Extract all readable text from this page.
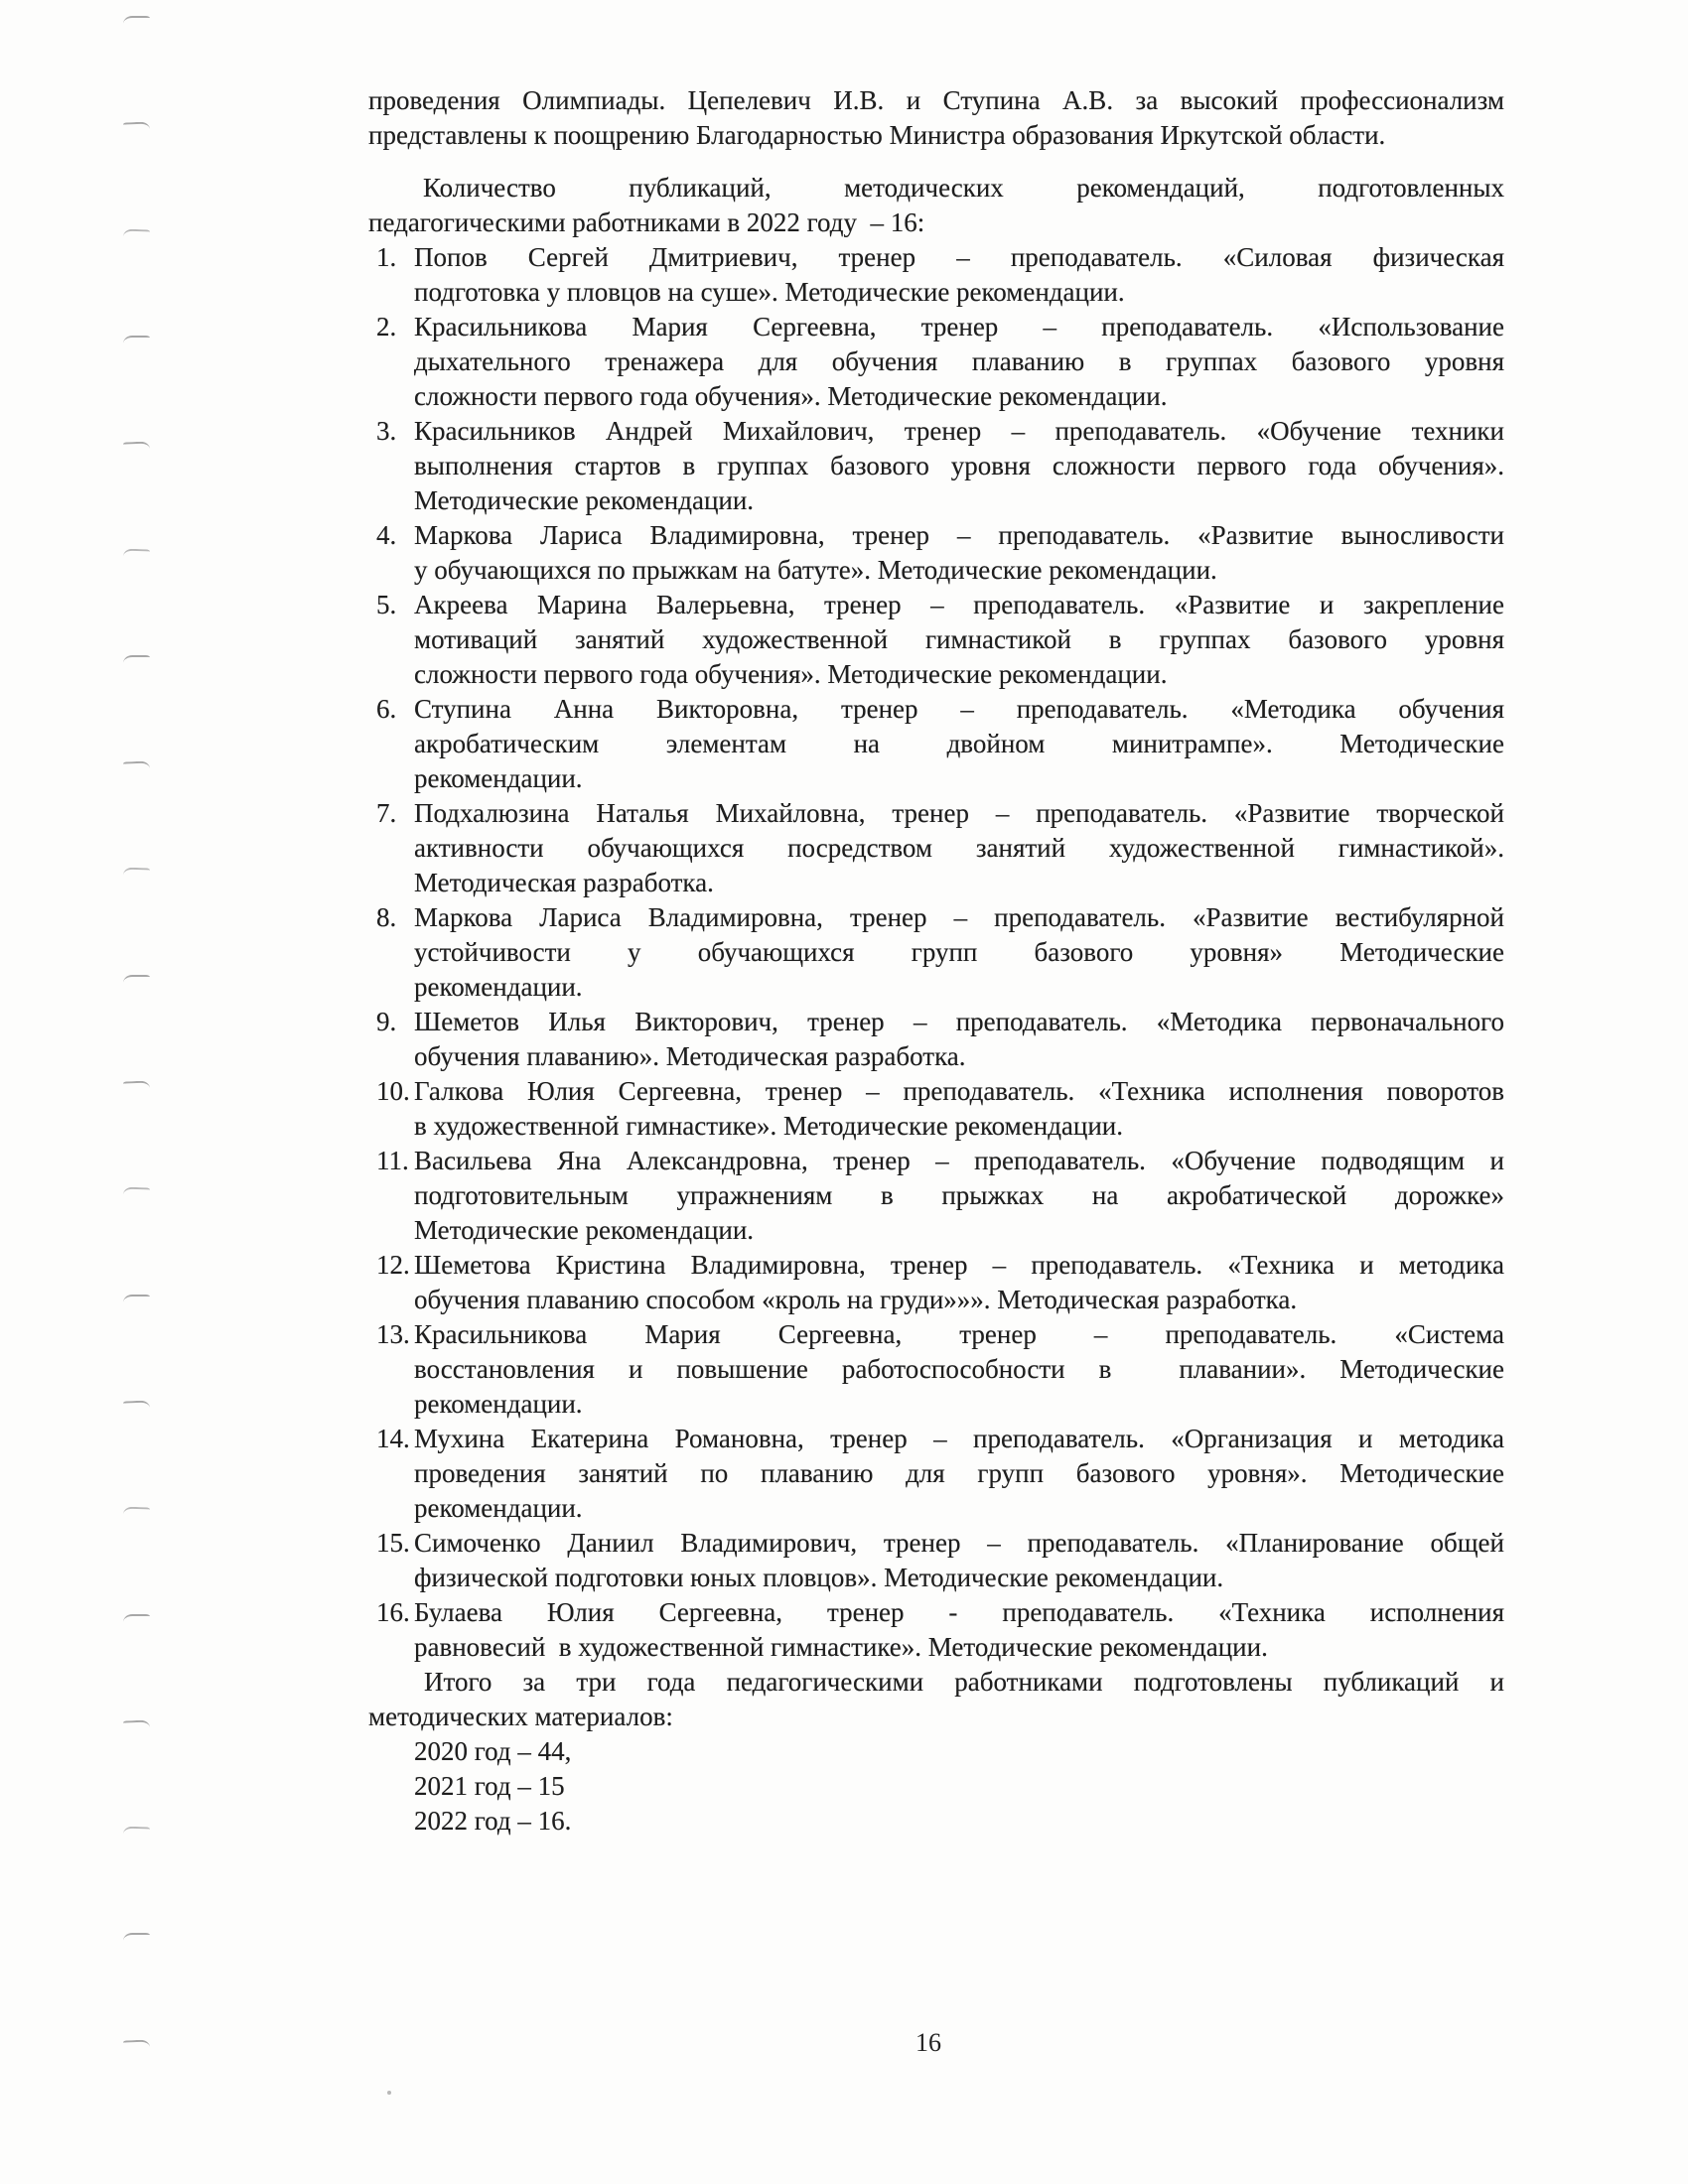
проведения Олимпиады. Цепелевич И.В. и Ступина А.В. за высокий профессионализм
представлены к поощрению Благодарностью Министра образования Иркутской области.
Количество публикаций, методических рекомендаций, подготовленных
педагогическими работниками в 2022 году  – 16:
1. Попов Сергей Дмитриевич, тренер – преподаватель. «Силовая физическая
подготовка у пловцов на суше». Методические рекомендации.
2. Красильникова Мария Сергеевна, тренер – преподаватель. «Использование
дыхательного тренажера для обучения плаванию в группах базового уровня
сложности первого года обучения». Методические рекомендации.
3. Красильников Андрей Михайлович, тренер – преподаватель. «Обучение техники
выполнения стартов в группах базового уровня сложности первого года обучения».
Методические рекомендации.
4. Маркова Лариса Владимировна, тренер – преподаватель. «Развитие выносливости
у обучающихся по прыжкам на батуте». Методические рекомендации.
5. Акреева Марина Валерьевна, тренер – преподаватель. «Развитие и закрепление
мотиваций занятий художественной гимнастикой в группах базового уровня
сложности первого года обучения». Методические рекомендации.
6. Ступина Анна Викторовна, тренер – преподаватель. «Методика обучения
акробатическим элементам на двойном минитрампе». Методические
рекомендации.
7. Подхалюзина Наталья Михайловна, тренер – преподаватель. «Развитие творческой
активности обучающихся посредством занятий художественной гимнастикой».
Методическая разработка.
8. Маркова Лариса Владимировна, тренер – преподаватель. «Развитие вестибулярной
устойчивости у обучающихся групп базового уровня» Методические
рекомендации.
9. Шеметов Илья Викторович, тренер – преподаватель. «Методика первоначального
обучения плаванию». Методическая разработка.
10. Галкова Юлия Сергеевна, тренер – преподаватель. «Техника исполнения поворотов
в художественной гимнастике». Методические рекомендации.
11. Васильева Яна Александровна, тренер – преподаватель. «Обучение подводящим и
подготовительным упражнениям в прыжках на акробатической дорожке»
Методические рекомендации.
12. Шеметова Кристина Владимировна, тренер – преподаватель. «Техника и методика
обучения плаванию способом «кроль на груди»»». Методическая разработка.
13. Красильникова Мария Сергеевна, тренер – преподаватель. «Система
восстановления и повышение работоспособности в  плавании». Методические
рекомендации.
14. Мухина Екатерина Романовна, тренер – преподаватель. «Организация и методика
проведения занятий по плаванию для групп базового уровня». Методические
рекомендации.
15. Симоченко Даниил Владимирович, тренер – преподаватель. «Планирование общей
физической подготовки юных пловцов». Методические рекомендации.
16. Булаева Юлия Сергеевна, тренер - преподаватель. «Техника исполнения
равновесий  в художественной гимнастике». Методические рекомендации.
Итого за три года педагогическими работниками подготовлены публикаций и
методических материалов:
2020 год – 44,
2021 год – 15
2022 год – 16.
16
